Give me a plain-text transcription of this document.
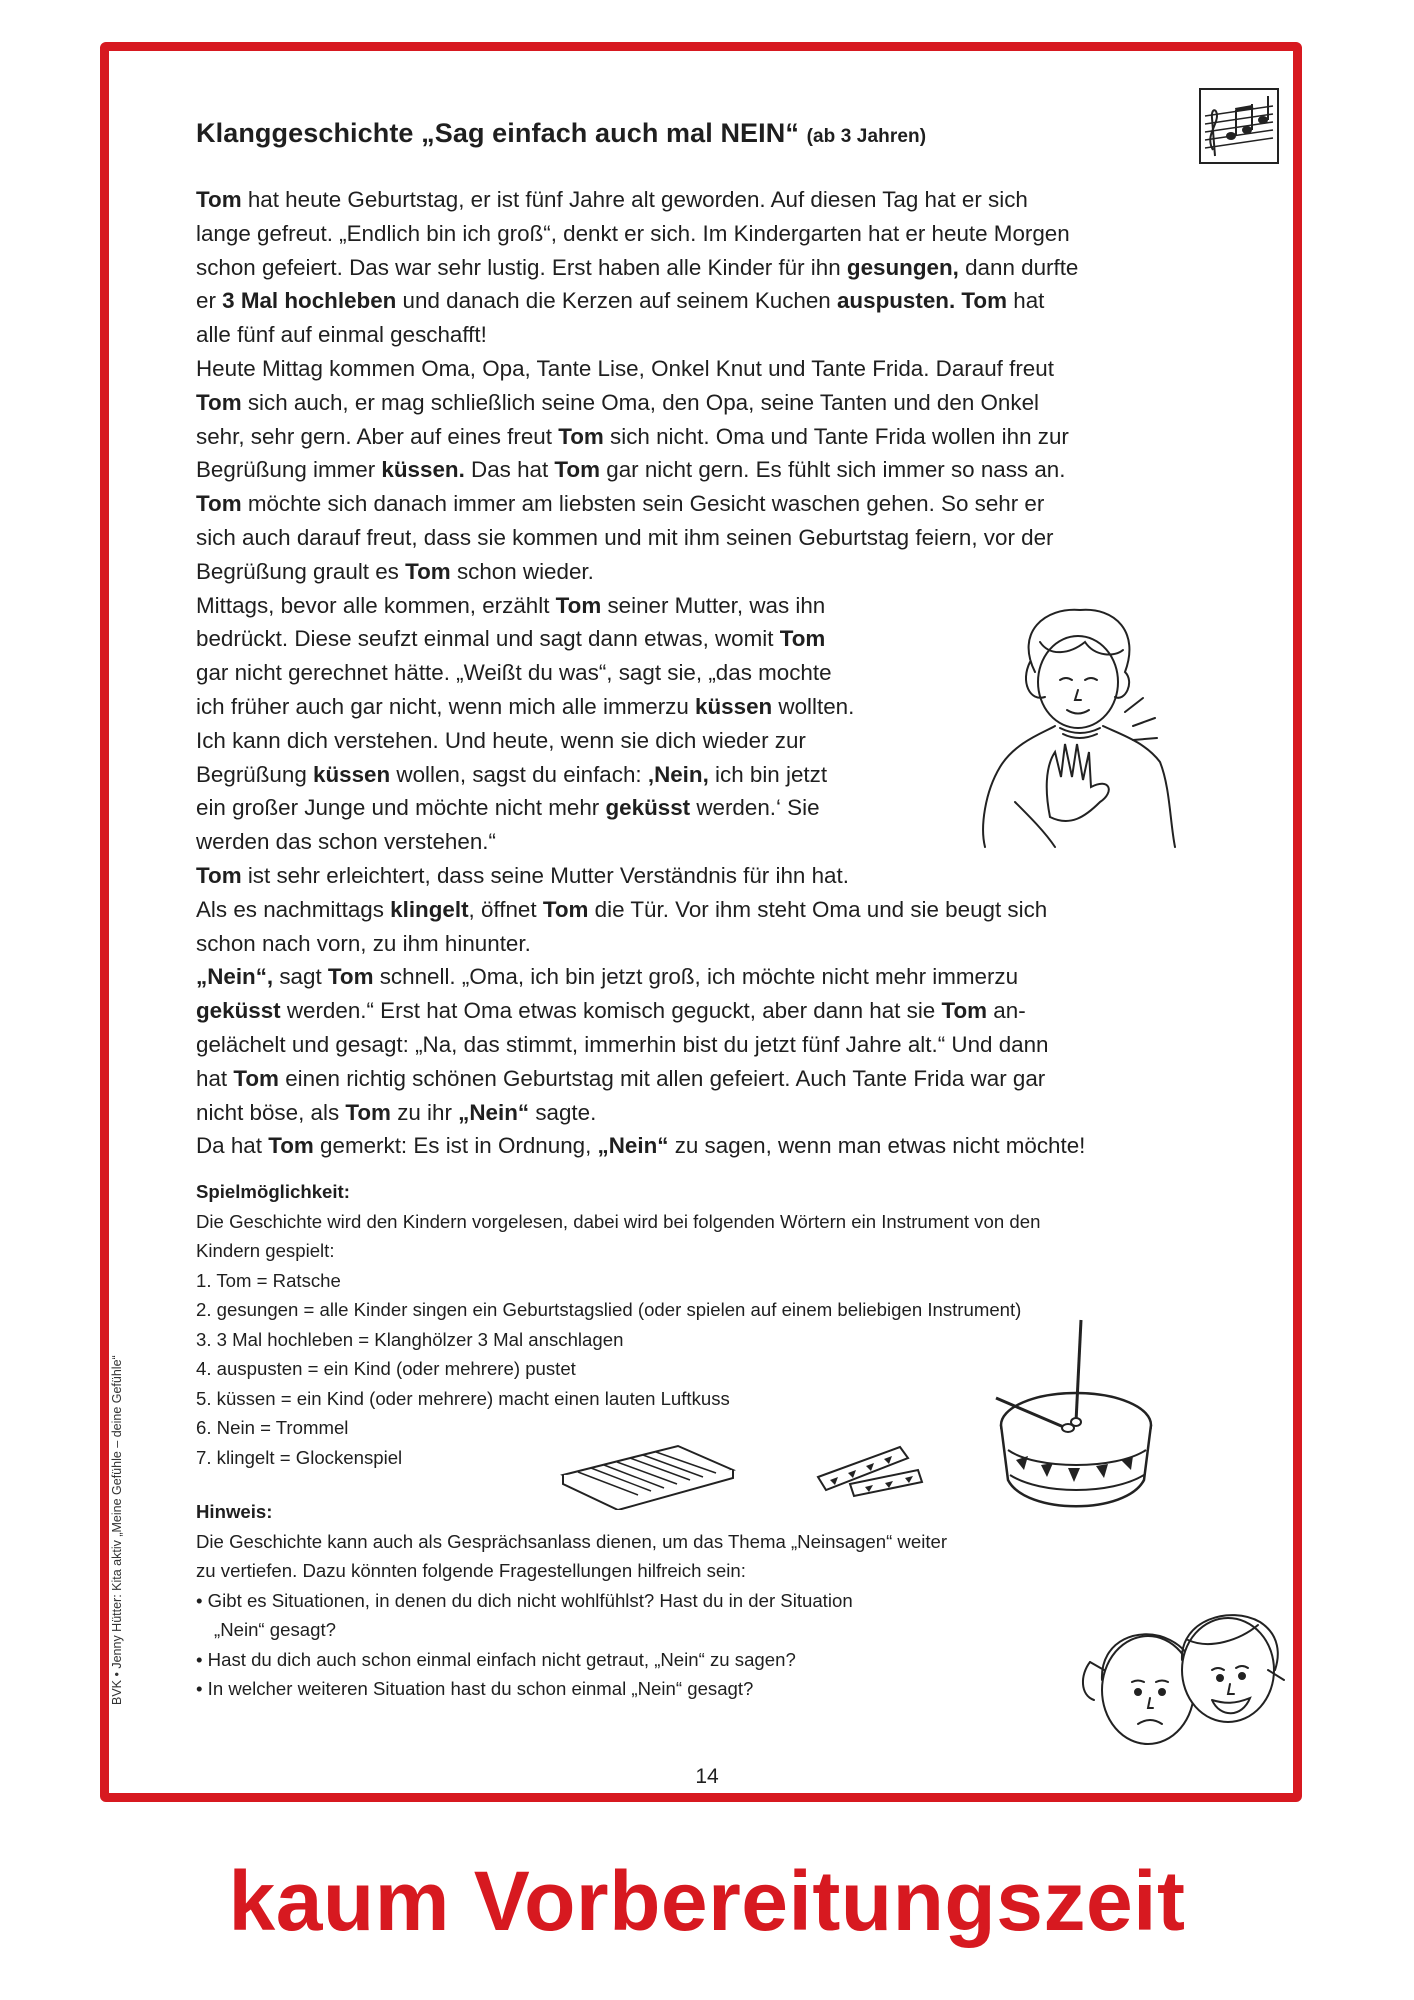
Klanggeschichte „Sag einfach auch mal NEIN“ (ab 3 Jahren)
Tom hat heute Geburtstag, er ist fünf Jahre alt geworden. Auf diesen Tag hat er sich
lange gefreut. „Endlich bin ich groß“, denkt er sich. Im Kindergarten hat er heute Morgen
schon gefeiert. Das war sehr lustig. Erst haben alle Kinder für ihn gesungen, dann durfte
er 3 Mal hochleben und danach die Kerzen auf seinem Kuchen auspusten. Tom hat
alle fünf auf einmal geschafft!
Heute Mittag kommen Oma, Opa, Tante Lise, Onkel Knut und Tante Frida. Darauf freut
Tom sich auch, er mag schließlich seine Oma, den Opa, seine Tanten und den Onkel
sehr, sehr gern. Aber auf eines freut Tom sich nicht. Oma und Tante Frida wollen ihn zur
Begrüßung immer küssen. Das hat Tom gar nicht gern. Es fühlt sich immer so nass an.
Tom möchte sich danach immer am liebsten sein Gesicht waschen gehen. So sehr er
sich auch darauf freut, dass sie kommen und mit ihm seinen Geburtstag feiern, vor der
Begrüßung grault es Tom schon wieder.
Mittags, bevor alle kommen, erzählt Tom seiner Mutter, was ihn
bedrückt. Diese seufzt einmal und sagt dann etwas, womit Tom
gar nicht gerechnet hätte. „Weißt du was“, sagt sie, „das mochte
ich früher auch gar nicht, wenn mich alle immerzu küssen wollten.
Ich kann dich verstehen. Und heute, wenn sie dich wieder zur
Begrüßung küssen wollen, sagst du einfach: ‚Nein, ich bin jetzt
ein großer Junge und möchte nicht mehr geküsst werden.‘ Sie
werden das schon verstehen.“
Tom ist sehr erleichtert, dass seine Mutter Verständnis für ihn hat.
Als es nachmittags klingelt, öffnet Tom die Tür. Vor ihm steht Oma und sie beugt sich
schon nach vorn, zu ihm hinunter.
„Nein“, sagt Tom schnell. „Oma, ich bin jetzt groß, ich möchte nicht mehr immerzu
geküsst werden.“ Erst hat Oma etwas komisch geguckt, aber dann hat sie Tom an-
gelächelt und gesagt: „Na, das stimmt, immerhin bist du jetzt fünf Jahre alt.“ Und dann
hat Tom einen richtig schönen Geburtstag mit allen gefeiert. Auch Tante Frida war gar
nicht böse, als Tom zu ihr „Nein“ sagte.
Da hat Tom gemerkt: Es ist in Ordnung, „Nein“ zu sagen, wenn man etwas nicht möchte!
Spielmöglichkeit:
Die Geschichte wird den Kindern vorgelesen, dabei wird bei folgenden Wörtern ein Instrument von den
Kindern gespielt:
1. Tom = Ratsche
2. gesungen = alle Kinder singen ein Geburtstagslied (oder spielen auf einem beliebigen Instrument)
3. 3 Mal hochleben = Klanghölzer 3 Mal anschlagen
4. auspusten = ein Kind (oder mehrere) pustet
5. küssen = ein Kind (oder mehrere) macht einen lauten Luftkuss
6. Nein = Trommel
7. klingelt = Glockenspiel
Hinweis:
Die Geschichte kann auch als Gesprächsanlass dienen, um das Thema „Neinsagen“ weiter
zu vertiefen. Dazu könnten folgende Fragestellungen hilfreich sein:
• Gibt es Situationen, in denen du dich nicht wohlfühlst? Hast du in der Situation
„Nein“ gesagt?
• Hast du dich auch schon einmal einfach nicht getraut, „Nein“ zu sagen?
• In welcher weiteren Situation hast du schon einmal „Nein“ gesagt?
BVK • Jenny Hütter: Kita aktiv „Meine Gefühle – deine Gefühle“
14
kaum Vorbereitungszeit
